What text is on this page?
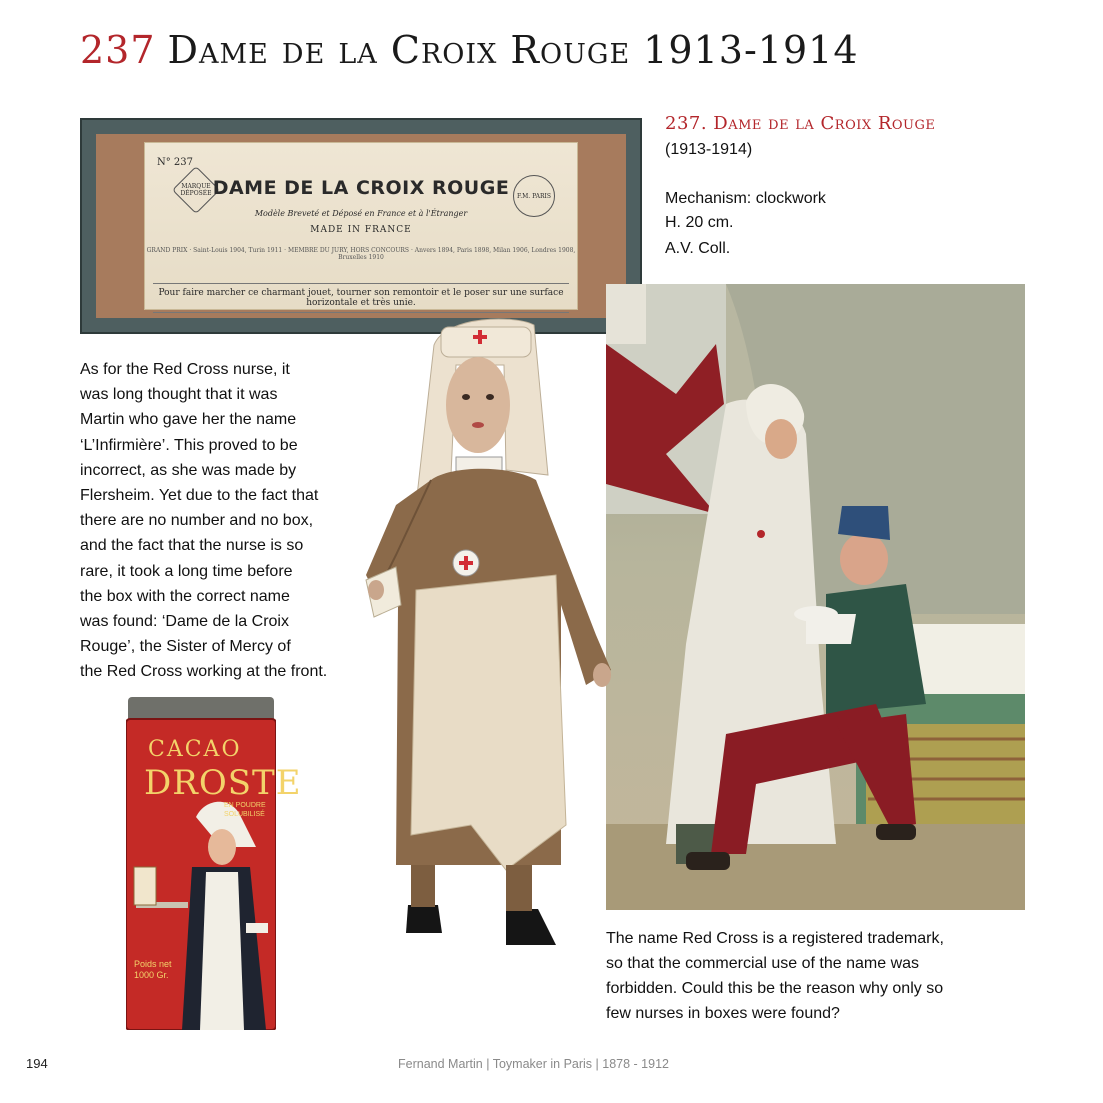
237 Dame de la Croix Rouge 1913-1914
N° 237
MARQUE DÉPOSÉE	F.M. PARIS
DAME DE LA CROIX ROUGE
Modèle Breveté et Déposé en France et à l'Étranger
MADE IN FRANCE
GRAND PRIX · Saint-Louis 1904, Turin 1911 · MEMBRE DU JURY, HORS CONCOURS · Anvers 1894, Paris 1898, Milan 1906, Londres 1908, Bruxelles 1910
Pour faire marcher ce charmant jouet, tourner son remontoir et le poser sur une surface horizontale et très unie.
237. Dame de la Croix Rouge
(1913-1914)
Mechanism: clockwork
H. 20 cm.
A.V. Coll.
As for the Red Cross nurse, it
was long thought that it was
Martin who gave her the name
‘L’Infirmière’. This proved to be
incorrect, as she was made by
Flersheim. Yet due to the fact that
there are no number and no box,
and the fact that the nurse is so
rare, it took a long time before
the box with the correct name
was found: ‘Dame de la Croix
Rouge’, the Sister of Mercy of
the Red Cross working at the front.
CACAO
DROSTE
EN POUDRE SOLUBILISÉ
Poids net 1000 Gr.
The name Red Cross is a registered trademark,
so that the commercial use of the name was
forbidden. Could this be the reason why only so
few nurses in boxes were found?
194	Fernand Martin | Toymaker in Paris | 1878 - 1912
